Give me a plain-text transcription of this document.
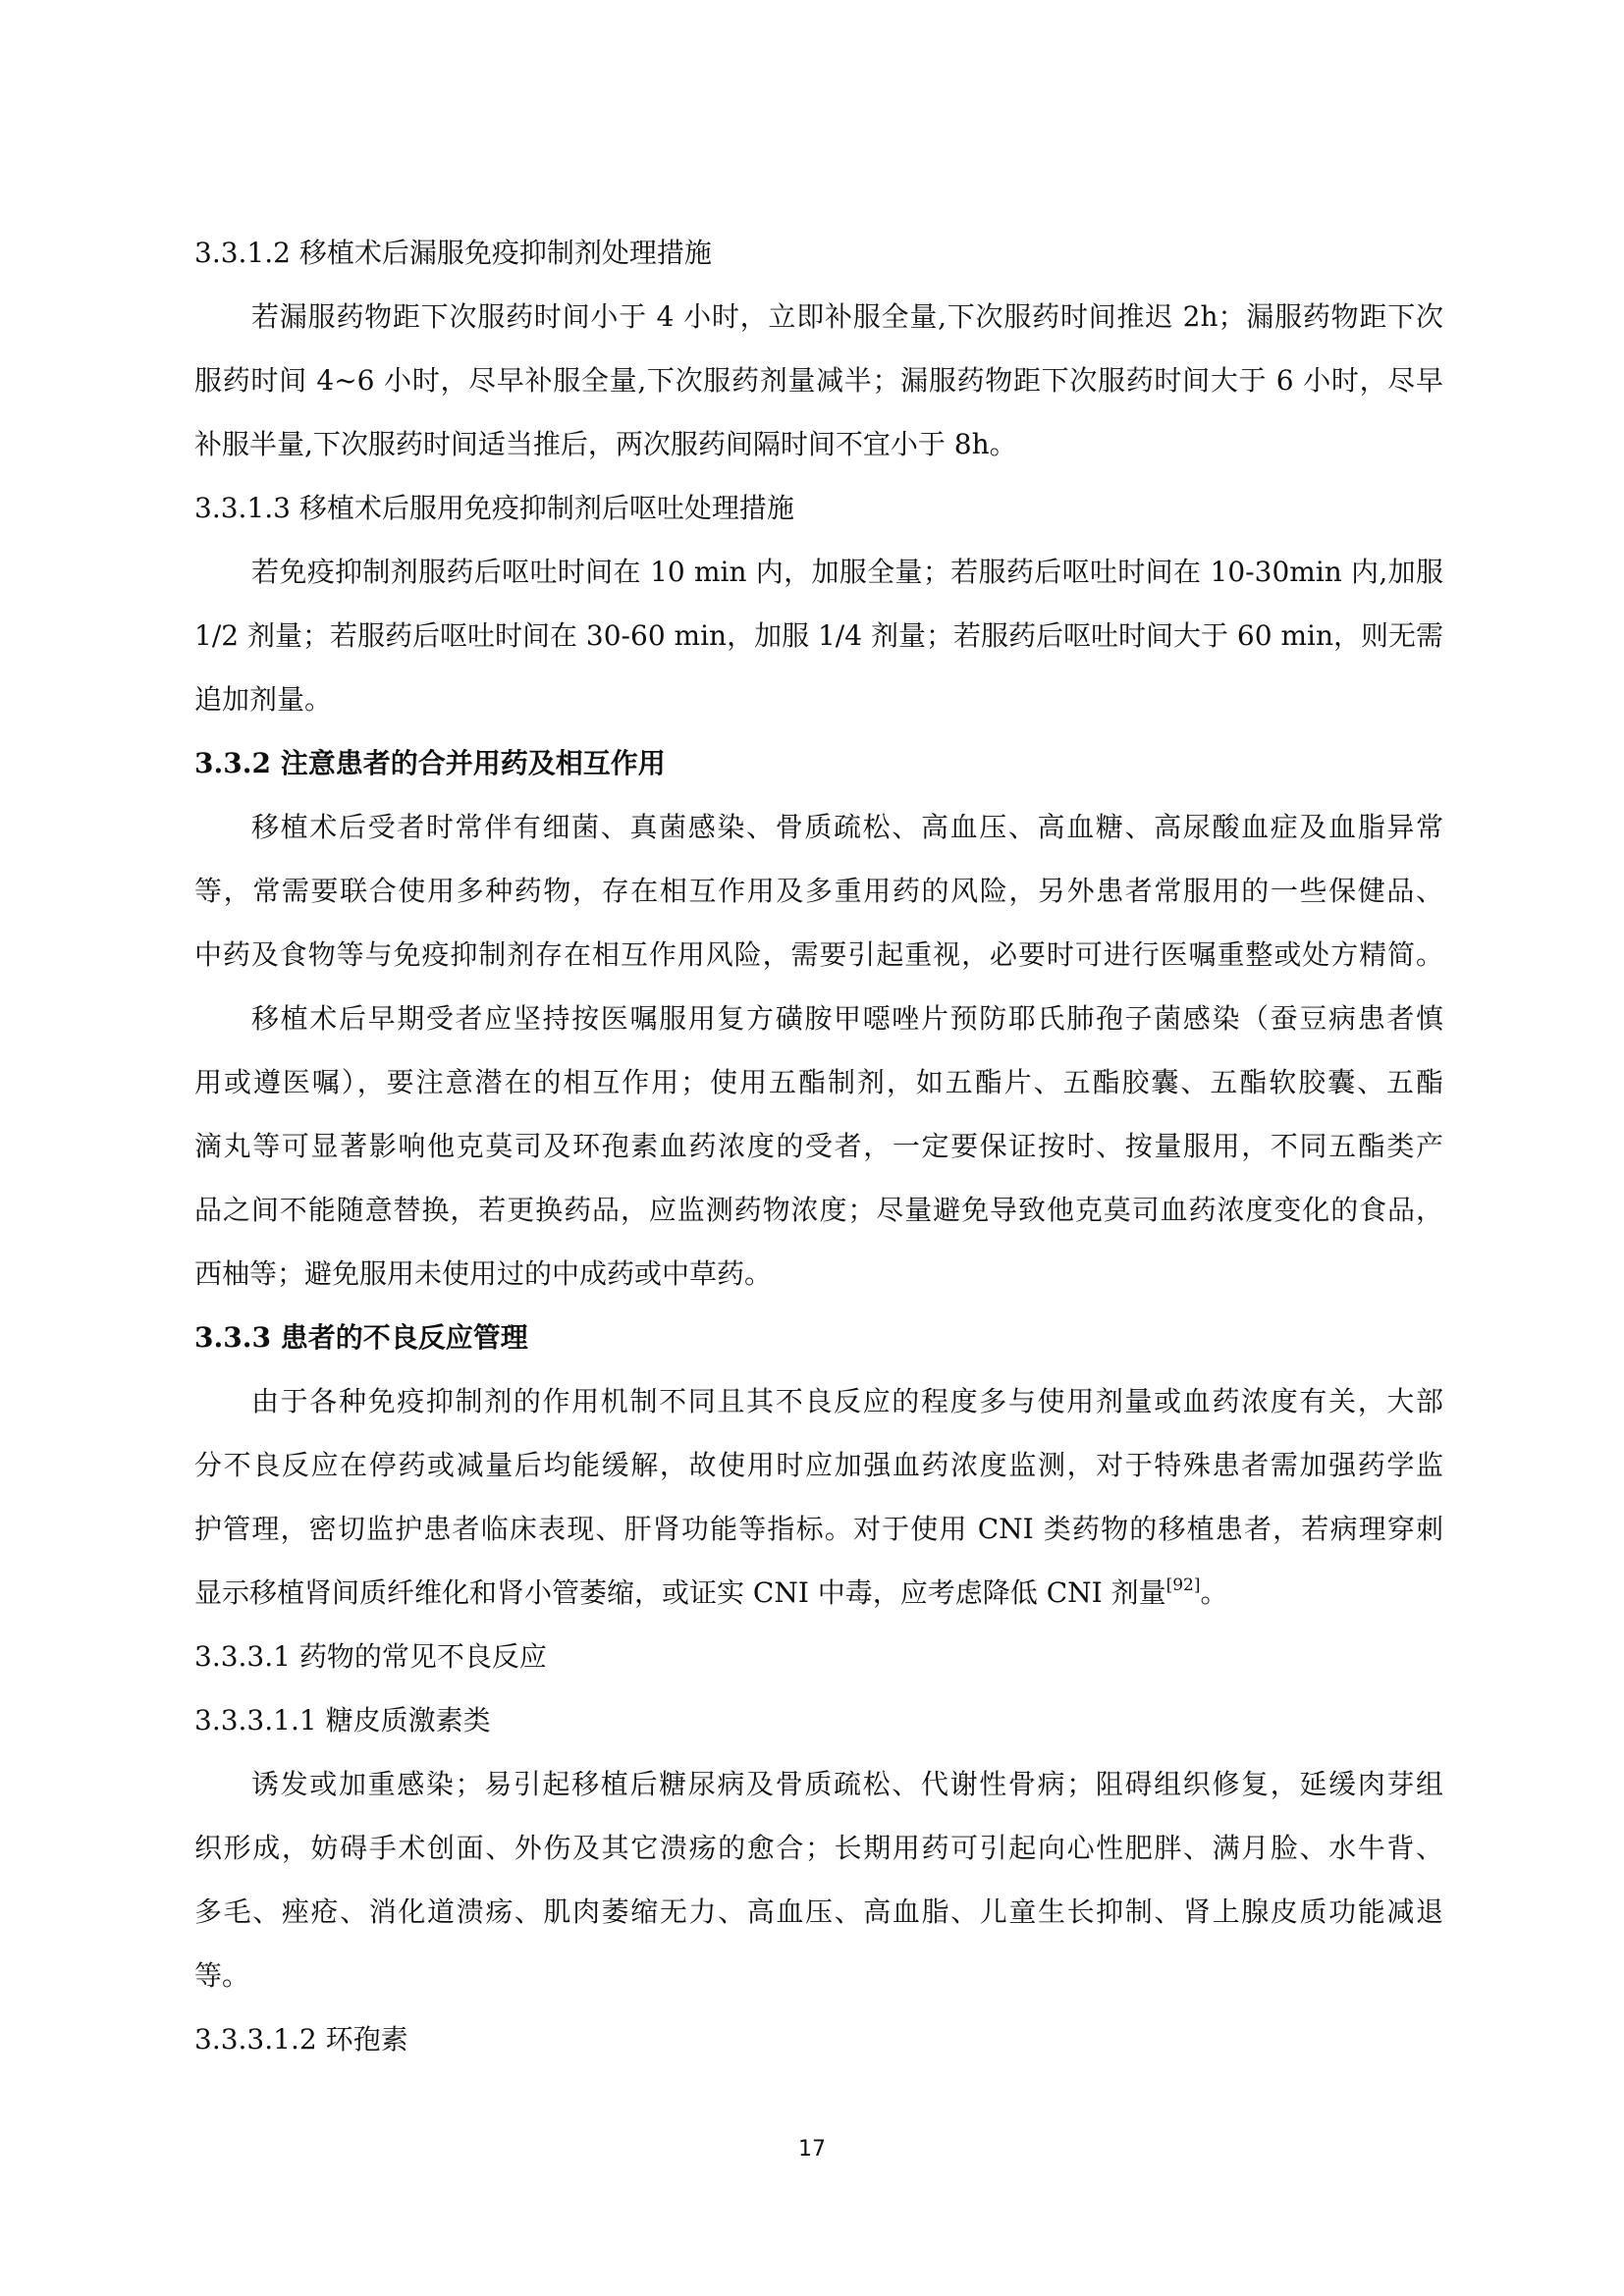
3.3.1.2 移植术后漏服免疫抑制剂处理措施
若漏服药物距下次服药时间小于 4 小时，立即补服全量,下次服药时间推迟 2h；漏服药物距下次
服药时间 4~6 小时，尽早补服全量,下次服药剂量减半；漏服药物距下次服药时间大于 6 小时，尽早
补服半量,下次服药时间适当推后，两次服药间隔时间不宜小于 8h。
3.3.1.3 移植术后服用免疫抑制剂后呕吐处理措施
若免疫抑制剂服药后呕吐时间在 10 min 内，加服全量；若服药后呕吐时间在 10-30min 内,加服
1/2 剂量；若服药后呕吐时间在 30-60 min，加服 1/4 剂量；若服药后呕吐时间大于 60 min，则无需
追加剂量。
3.3.2 注意患者的合并用药及相互作用
移植术后受者时常伴有细菌、真菌感染、骨质疏松、高血压、高血糖、高尿酸血症及血脂异常
等，常需要联合使用多种药物，存在相互作用及多重用药的风险，另外患者常服用的一些保健品、
中药及食物等与免疫抑制剂存在相互作用风险，需要引起重视，必要时可进行医嘱重整或处方精简。
移植术后早期受者应坚持按医嘱服用复方磺胺甲噁唑片预防耶氏肺孢子菌感染（蚕豆病患者慎
用或遵医嘱），要注意潜在的相互作用；使用五酯制剂，如五酯片、五酯胶囊、五酯软胶囊、五酯
滴丸等可显著影响他克莫司及环孢素血药浓度的受者，一定要保证按时、按量服用，不同五酯类产
品之间不能随意替换，若更换药品，应监测药物浓度；尽量避免导致他克莫司血药浓度变化的食品，
西柚等；避免服用未使用过的中成药或中草药。
3.3.3 患者的不良反应管理
由于各种免疫抑制剂的作用机制不同且其不良反应的程度多与使用剂量或血药浓度有关，大部
分不良反应在停药或减量后均能缓解，故使用时应加强血药浓度监测，对于特殊患者需加强药学监
护管理，密切监护患者临床表现、肝肾功能等指标。对于使用 CNI 类药物的移植患者，若病理穿刺
显示移植肾间质纤维化和肾小管萎缩，或证实 CNI 中毒，应考虑降低 CNI 剂量[92]。
3.3.3.1 药物的常见不良反应
3.3.3.1.1 糖皮质激素类
诱发或加重感染；易引起移植后糖尿病及骨质疏松、代谢性骨病；阻碍组织修复，延缓肉芽组
织形成，妨碍手术创面、外伤及其它溃疡的愈合；长期用药可引起向心性肥胖、满月脸、水牛背、
多毛、痤疮、消化道溃疡、肌肉萎缩无力、高血压、高血脂、儿童生长抑制、肾上腺皮质功能减退
等。
3.3.3.1.2 环孢素
17
